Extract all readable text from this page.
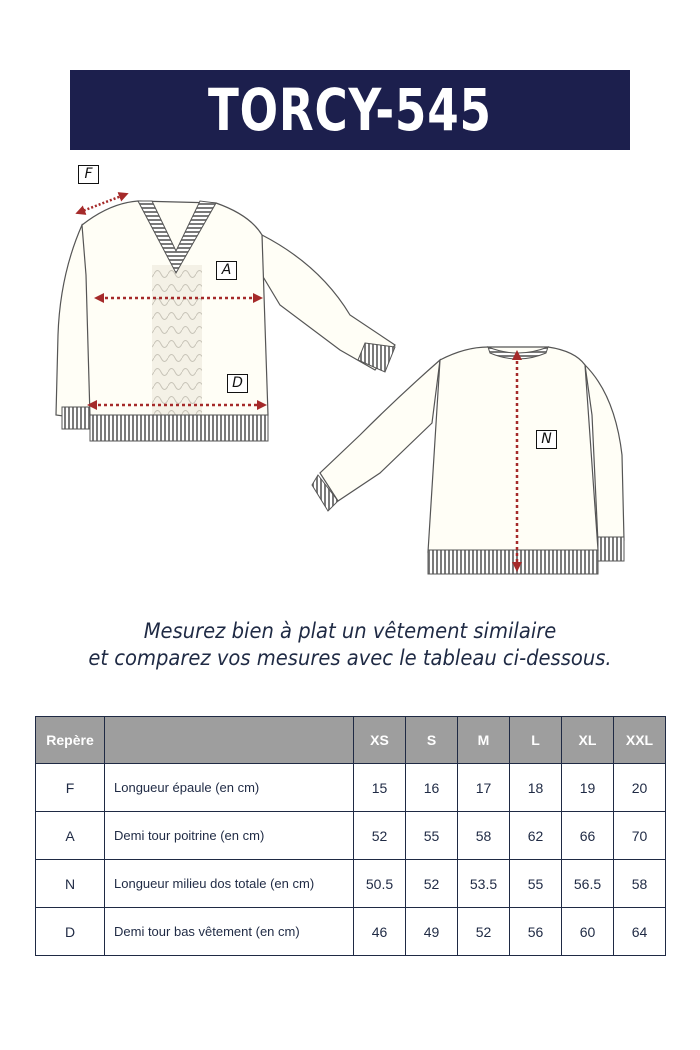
TORCY-545
F
A
D
N
Mesurez bien à plat un vêtement similaire
et comparez vos mesures avec le tableau ci-dessous.
Repère		XS	S	M	L	XL	XXL
F	Longueur épaule (en cm)	15	16	17	18	19	20
A	Demi tour poitrine (en cm)	52	55	58	62	66	70
N	Longueur milieu dos totale (en cm)	50.5	52	53.5	55	56.5	58
D	Demi tour bas vêtement (en cm)	46	49	52	56	60	64
